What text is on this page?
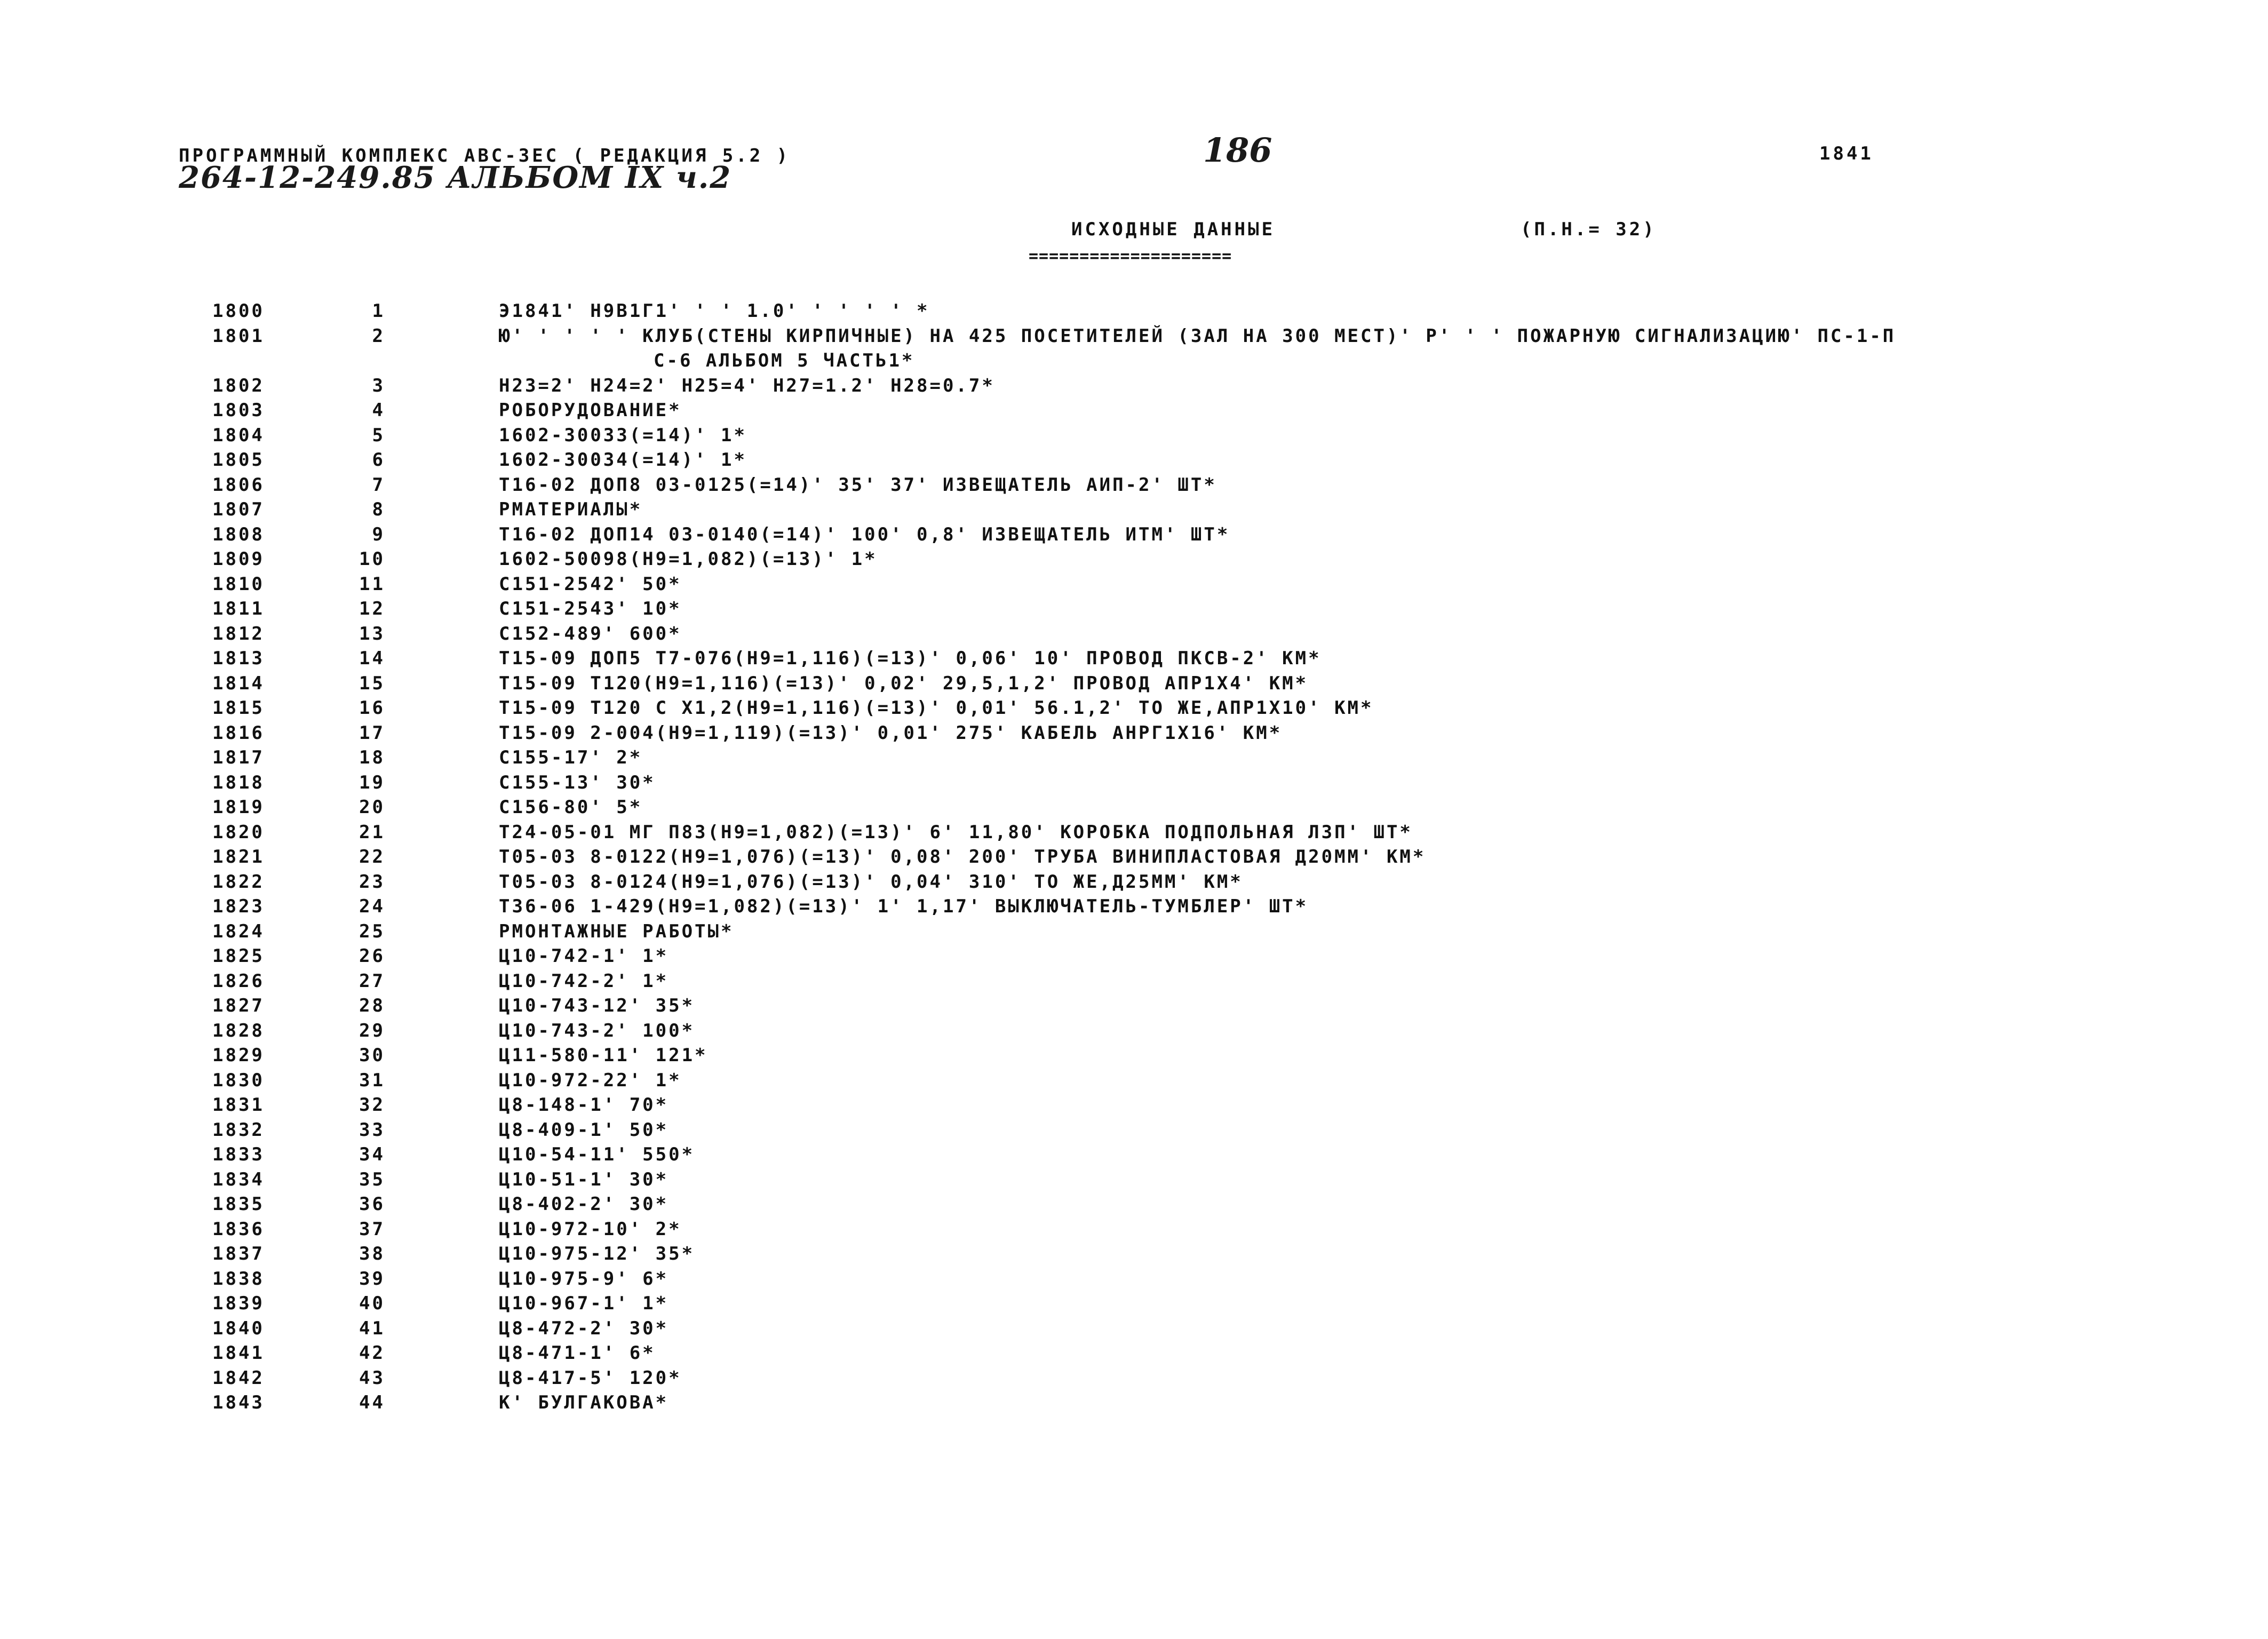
ПРОГРАММНЫЙ КОМПЛЕКС АВС-ЗЕС ( РЕДАКЦИЯ 5.2 )
264-12-249.85 АЛЬБОМ IX ч.2
186	1841
ИСХОДНЫЕ ДАННЫЕ	(П.Н.= 32)
====================
1800	1	Э1841' Н9В1Г1' ' ' 1.0' ' ' ' ' *
1801	2	Ю' ' ' ' ' КЛУБ(СТЕНЫ КИРПИЧНЫЕ) НА 425 ПОСЕТИТЕЛЕЙ (ЗАЛ НА 300 МЕСТ)' Р' ' ' ПОЖАРНУЮ СИГНАЛИЗАЦИЮ' ПС-1-П
С-6 АЛЬБОМ 5 ЧАСТЬ1*
1802	3	Н23=2' Н24=2' Н25=4' Н27=1.2' Н28=0.7*
1803	4	РОБОРУДОВАНИЕ*
1804	5	1602-30033(=14)' 1*
1805	6	1602-30034(=14)' 1*
1806	7	Т16-02 ДОП8 03-0125(=14)' 35' 37' ИЗВЕЩАТЕЛЬ АИП-2' ШТ*
1807	8	РМАТЕРИАЛЫ*
1808	9	Т16-02 ДОП14 03-0140(=14)' 100' 0,8' ИЗВЕЩАТЕЛЬ ИТМ' ШТ*
1809	10	1602-50098(Н9=1,082)(=13)' 1*
1810	11	С151-2542' 50*
1811	12	С151-2543' 10*
1812	13	С152-489' 600*
1813	14	Т15-09 ДОП5 Т7-076(Н9=1,116)(=13)' 0,06' 10' ПРОВОД ПКСВ-2' КМ*
1814	15	Т15-09 Т120(Н9=1,116)(=13)' 0,02' 29,5,1,2' ПРОВОД АПР1Х4' КМ*
1815	16	Т15-09 Т120 С Х1,2(Н9=1,116)(=13)' 0,01' 56.1,2' ТО ЖЕ,АПР1Х10' КМ*
1816	17	Т15-09 2-004(Н9=1,119)(=13)' 0,01' 275' КАБЕЛЬ АНРГ1Х16' КМ*
1817	18	С155-17' 2*
1818	19	С155-13' 30*
1819	20	С156-80' 5*
1820	21	Т24-05-01 МГ П83(Н9=1,082)(=13)' 6' 11,80' КОРОБКА ПОДПОЛЬНАЯ ЛЗП' ШТ*
1821	22	Т05-03 8-0122(Н9=1,076)(=13)' 0,08' 200' ТРУБА ВИНИПЛАСТОВАЯ Д20ММ' КМ*
1822	23	Т05-03 8-0124(Н9=1,076)(=13)' 0,04' 310' ТО ЖЕ,Д25ММ' КМ*
1823	24	Т36-06 1-429(Н9=1,082)(=13)' 1' 1,17' ВЫКЛЮЧАТЕЛЬ-ТУМБЛЕР' ШТ*
1824	25	РМОНТАЖНЫЕ РАБОТЫ*
1825	26	Ц10-742-1' 1*
1826	27	Ц10-742-2' 1*
1827	28	Ц10-743-12' 35*
1828	29	Ц10-743-2' 100*
1829	30	Ц11-580-11' 121*
1830	31	Ц10-972-22' 1*
1831	32	Ц8-148-1' 70*
1832	33	Ц8-409-1' 50*
1833	34	Ц10-54-11' 550*
1834	35	Ц10-51-1' 30*
1835	36	Ц8-402-2' 30*
1836	37	Ц10-972-10' 2*
1837	38	Ц10-975-12' 35*
1838	39	Ц10-975-9' 6*
1839	40	Ц10-967-1' 1*
1840	41	Ц8-472-2' 30*
1841	42	Ц8-471-1' 6*
1842	43	Ц8-417-5' 120*
1843	44	К' БУЛГАКОВА*
